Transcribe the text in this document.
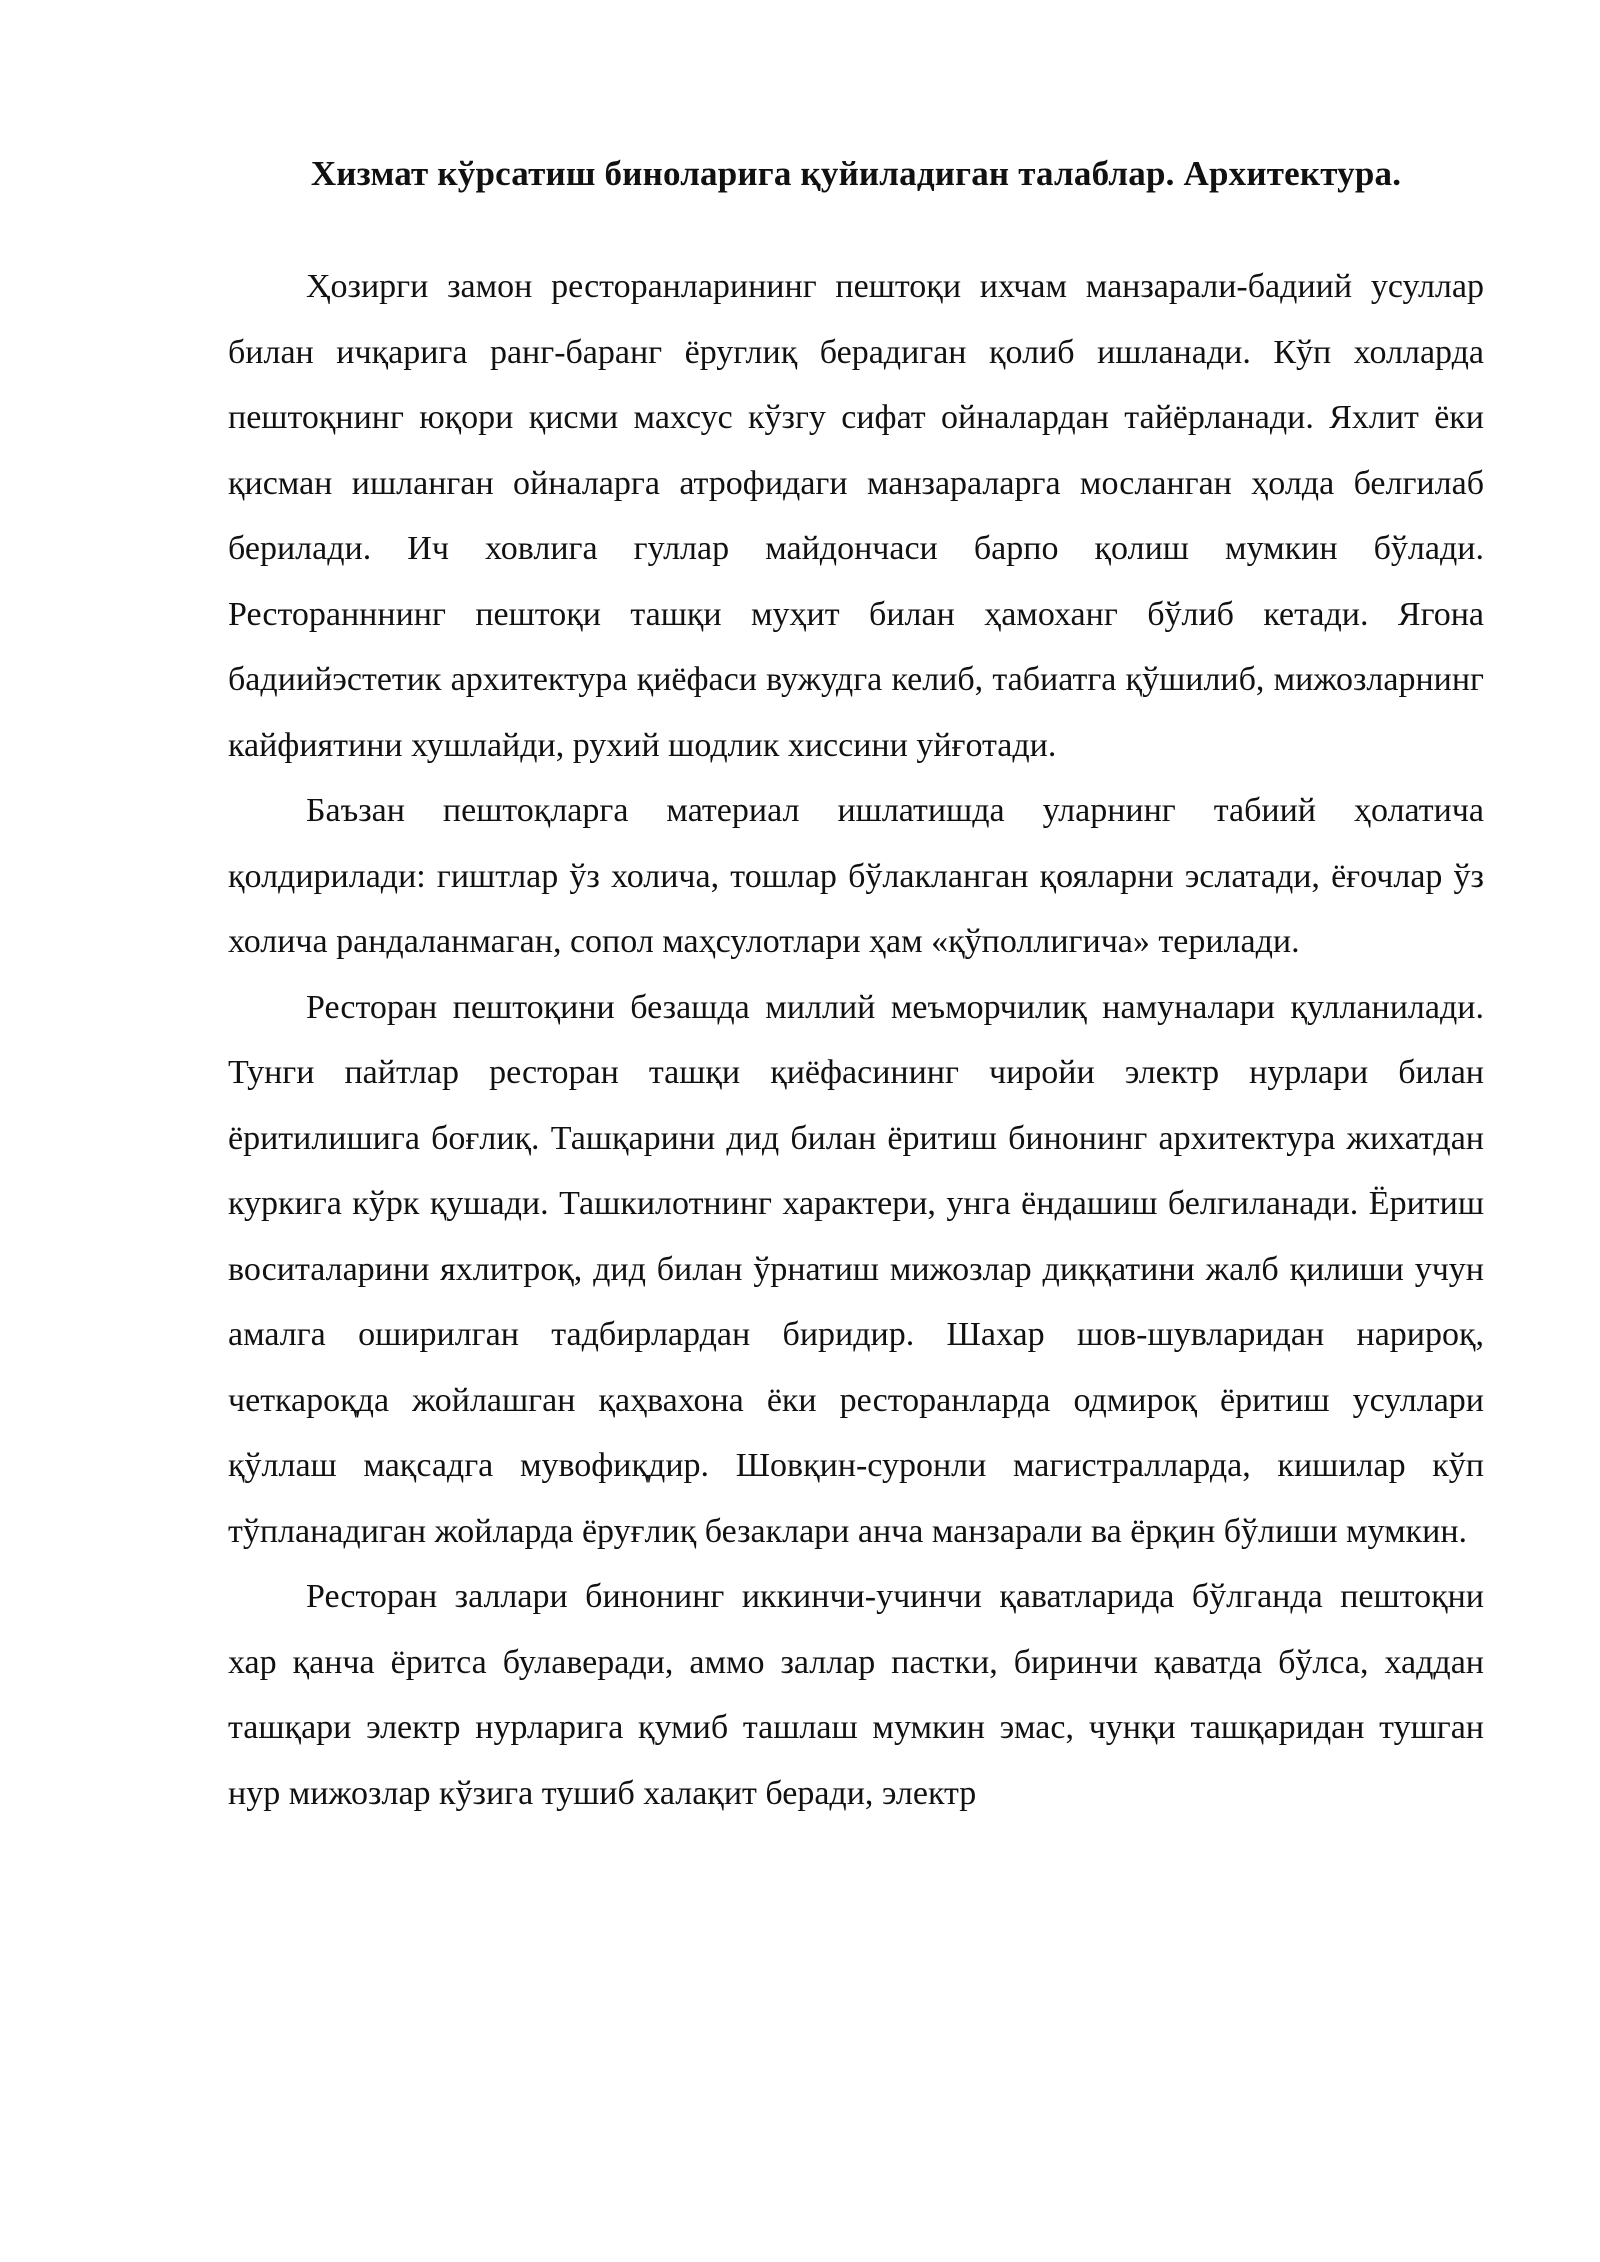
Хизмат кўрсатиш биноларига қуйиладиган талаблар. Архитектура.

Ҳозирги замон ресторанларининг пештоқи ихчам манзарали-бадиий усуллар билан ичқарига ранг-баранг ёруглиқ берадиган қолиб ишланади. Кўп холларда пештоқнинг юқори қисми махсус кўзгу сифат ойналардан тайёрланади. Яхлит ёки қисман ишланган ойналарга атрофидаги манзараларга мосланган ҳолда белгилаб берилади. Ич ховлига гуллар майдончаси барпо қолиш мумкин бўлади. Ресторанннинг пештоқи ташқи муҳит билан ҳамоханг бўлиб кетади. Ягона бадиийэстетик архитектура қиёфаси вужудга келиб, табиатга қўшилиб, мижозларнинг кайфиятини хушлайди, рухий шодлик хиссини уйғотади.

Баъзан пештоқларга материал ишлатишда уларнинг табиий ҳолатича қолдирилади: гиштлар ўз холича, тошлар бўлакланган қояларни эслатади, ёғочлар ўз холича рандаланмаган, сопол маҳсулотлари ҳам «қўполлигича» терилади.

Ресторан пештоқини безашда миллий меъморчилиқ намуналари қулланилади. Тунги пайтлар ресторан ташқи қиёфасининг чиройи электр нурлари билан ёритилишига боғлиқ. Ташқарини дид билан ёритиш бинонинг архитектура жихатдан куркига кўрк қушади. Ташкилотнинг характери, унга ёндашиш белгиланади. Ёритиш воситаларини яхлитроқ, дид билан ўрнатиш мижозлар диққатини жалб қилиши учун амалга оширилган тадбирлардан биридир. Шахар шов-шувларидан нарироқ, четкароқда жойлашган қаҳвахона ёки ресторанларда одмироқ ёритиш усуллари қўллаш мақсадга мувофиқдир. Шовқин-суронли магистралларда, кишилар кўп тўпланадиган жойларда ёруғлиқ безаклари анча манзарали ва ёрқин бўлиши мумкин.

Ресторан заллари бинонинг иккинчи-учинчи қаватларида бўлганда пештоқни хар қанча ёритса булаверади, аммо заллар пастки, биринчи қаватда бўлса, хаддан ташқари электр нурларига қумиб ташлаш мумкин эмас, чунқи ташқаридан тушган нур мижозлар кўзига тушиб халақит беради, электр
